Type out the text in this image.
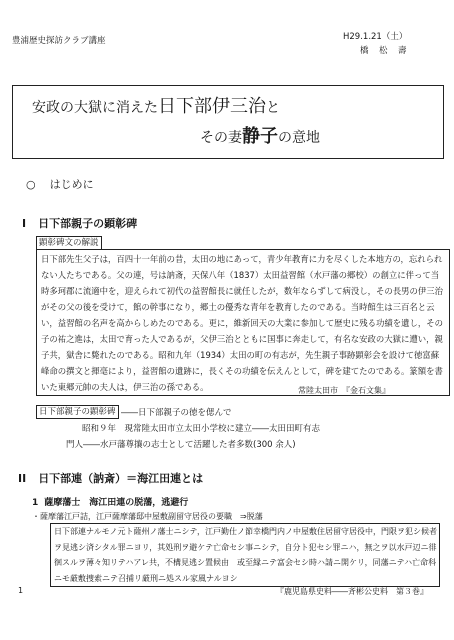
豊浦歴史探訪クラブ講座	H29.1.21（土）
橋　松　壽
安政の大獄に消えた日下部伊三治と
その妻静子の意地
○ はじめに
I 日下部親子の顕彰碑
顕彰碑文の解説

日下部先生父子は，百四十一年前の昔，太田の地にあって，青少年教育に力を尽くした本地方の，忘れられない人たちである。父の連，号は訥斎，天保八年（1837）太田益習館（水戸藩の郷校）の創立に伴って当時多珂郡に流適中を，迎えられて初代の益習館長に就任したが，数年ならずして病没し，その長男の伊三治がその父の後を受けて，館の幹事になり，郷土の優秀な青年を教育したのである。当時館生は三百名と云い，益習館の名声を高からしめたのである。更に，維新回天の大業に参加して歴史に残る功績を遺し，その子の祐之進は，太田で育った人であるが，父伊三治とともに国事に奔走して，有名な安政の大獄に遭い，親子共，獄舎に斃れたのである。昭和九年（1934）太田の町の有志が，先生親子事跡顕彰会を設けて徳富蘇峰命の撰文と揮毫により，益習館の遺跡に，長くその功績を伝えんとして，碑を建てたのである。篆額を書いた東郷元帥の夫人は，伊三治の孫である。	常陸太田市　『金石文集』
日下部親子の顕彰碑 ――日下部親子の徳を偲んで
昭和９年　現常陸太田市立太田小学校に建立――太田田町有志
門人――水戸藩尊攘の志士として活躍した者多数(300 余人)
II 日下部連（訥斎）＝海江田連とは
1 薩摩藩士　海江田連の脱藩，逃避行
・薩摩藩江戸詰，江戸薩摩藩邸中屋敷副留守居役の要職　⇒脱藩

日下部連ナルモノ元ト薩州ノ藩士ニシテ，江戸勤仕ノ節幸橋門内ノ中屋敷住居留守居役中，門限ヲ犯シ候者ヲ見逃シ済シタル罪ニヨリ，其処刑ヲ避ケテ亡命セシ事ニシテ，自分ト犯セシ罪ニハ，無之ヲ以水戸辺ニ徘徊スルヲ薄々知リテハアレ共，不構見逃シ置候由　或至縁ニテ富会セシ時ハ請ニ開ケリ，同藩ニテハ亡命科ニモ厳敷捜索ニテ召捕リ厳刑ニ処スル家風ナルヨシ

『鹿児島県史料――斉彬公史料　第３巻』
1
